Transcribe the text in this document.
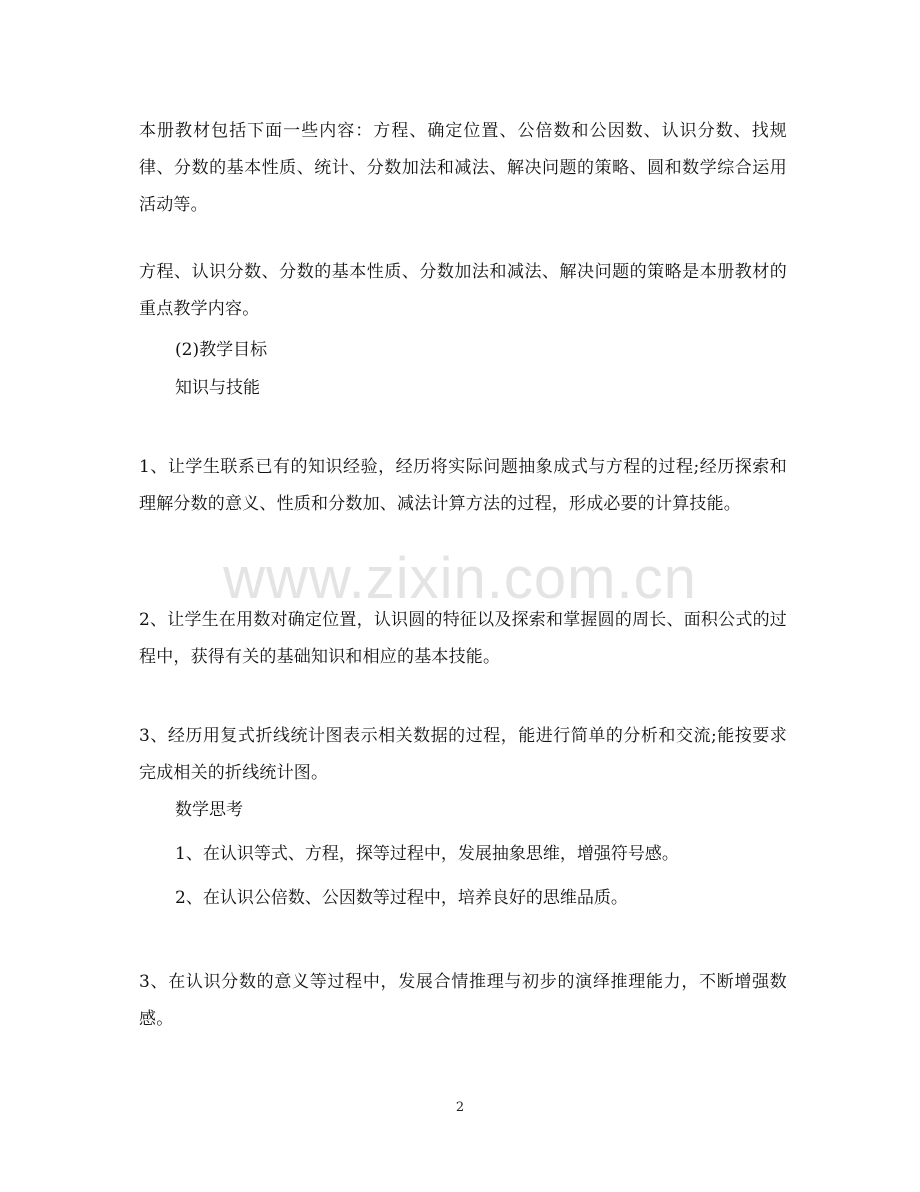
本册教材包括下面一些内容：方程、确定位置、公倍数和公因数、认识分数、找规律、分数的基本性质、统计、分数加法和减法、解决问题的策略、圆和数学综合运用活动等。

方程、认识分数、分数的基本性质、分数加法和减法、解决问题的策略是本册教材的重点教学内容。

(2)教学目标

知识与技能

1、让学生联系已有的知识经验，经历将实际问题抽象成式与方程的过程;经历探索和理解分数的意义、性质和分数加、减法计算方法的过程，形成必要的计算技能。

2、让学生在用数对确定位置，认识圆的特征以及探索和掌握圆的周长、面积公式的过程中，获得有关的基础知识和相应的基本技能。

3、经历用复式折线统计图表示相关数据的过程，能进行简单的分析和交流;能按要求完成相关的折线统计图。

数学思考

1、在认识等式、方程，探等过程中，发展抽象思维，增强符号感。

2、在认识公倍数、公因数等过程中，培养良好的思维品质。

3、在认识分数的意义等过程中，发展合情推理与初步的演绎推理能力，不断增强数感。

www.zixin.com.cn
2
